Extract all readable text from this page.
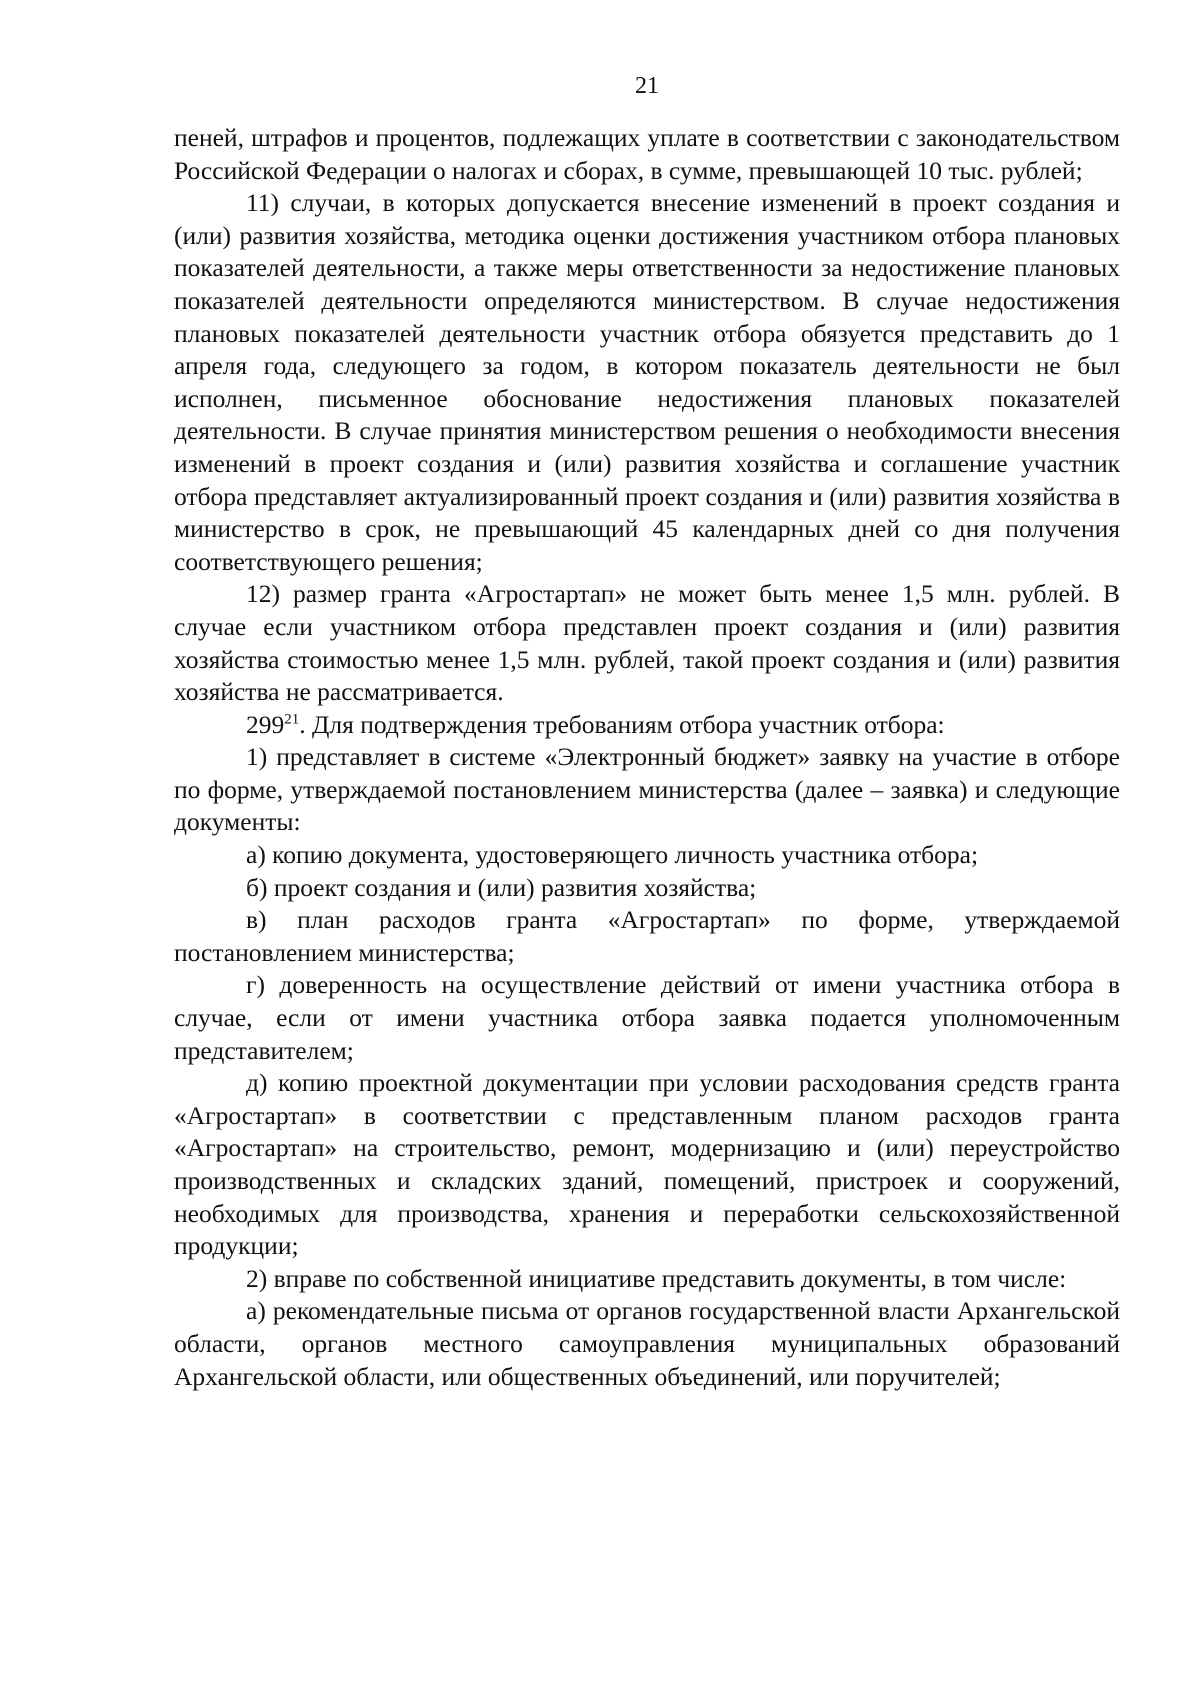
21

пеней, штрафов и процентов, подлежащих уплате в соответствии с законодательством Российской Федерации о налогах и сборах, в сумме, превышающей 10 тыс. рублей;

11) случаи, в которых допускается внесение изменений в проект создания и (или) развития хозяйства, методика оценки достижения участником отбора плановых показателей деятельности, а также меры ответственности за недостижение плановых показателей деятельности определяются министерством. В случае недостижения плановых показателей деятельности участник отбора обязуется представить до 1 апреля года, следующего за годом, в котором показатель деятельности не был исполнен, письменное обоснование недостижения плановых показателей деятельности. В случае принятия министерством решения о необходимости внесения изменений в проект создания и (или) развития хозяйства и соглашение участник отбора представляет актуализированный проект создания и (или) развития хозяйства в министерство в срок, не превышающий 45 календарных дней со дня получения соответствующего решения;

12) размер гранта «Агростартап» не может быть менее 1,5 млн. рублей. В случае если участником отбора представлен проект создания и (или) развития хозяйства стоимостью менее 1,5 млн. рублей, такой проект создания и (или) развития хозяйства не рассматривается.

$299^{21}$. Для подтверждения требованиям отбора участник отбора:

1) представляет в системе «Электронный бюджет» заявку на участие в отборе по форме, утверждаемой постановлением министерства (далее – заявка) и следующие документы:

а) копию документа, удостоверяющего личность участника отбора;

б) проект создания и (или) развития хозяйства;

в) план расходов гранта «Агростартап» по форме, утверждаемой постановлением министерства;

г) доверенность на осуществление действий от имени участника отбора в случае, если от имени участника отбора заявка подается уполномоченным представителем;

д) копию проектной документации при условии расходования средств гранта «Агростартап» в соответствии с представленным планом расходов гранта «Агростартап» на строительство, ремонт, модернизацию и (или) переустройство производственных и складских зданий, помещений, пристроек и сооружений, необходимых для производства, хранения и переработки сельскохозяйственной продукции;

2) вправе по собственной инициативе представить документы, в том числе:

а) рекомендательные письма от органов государственной власти Архангельской области, органов местного самоуправления муниципальных образований Архангельской области, или общественных объединений, или поручителей;
